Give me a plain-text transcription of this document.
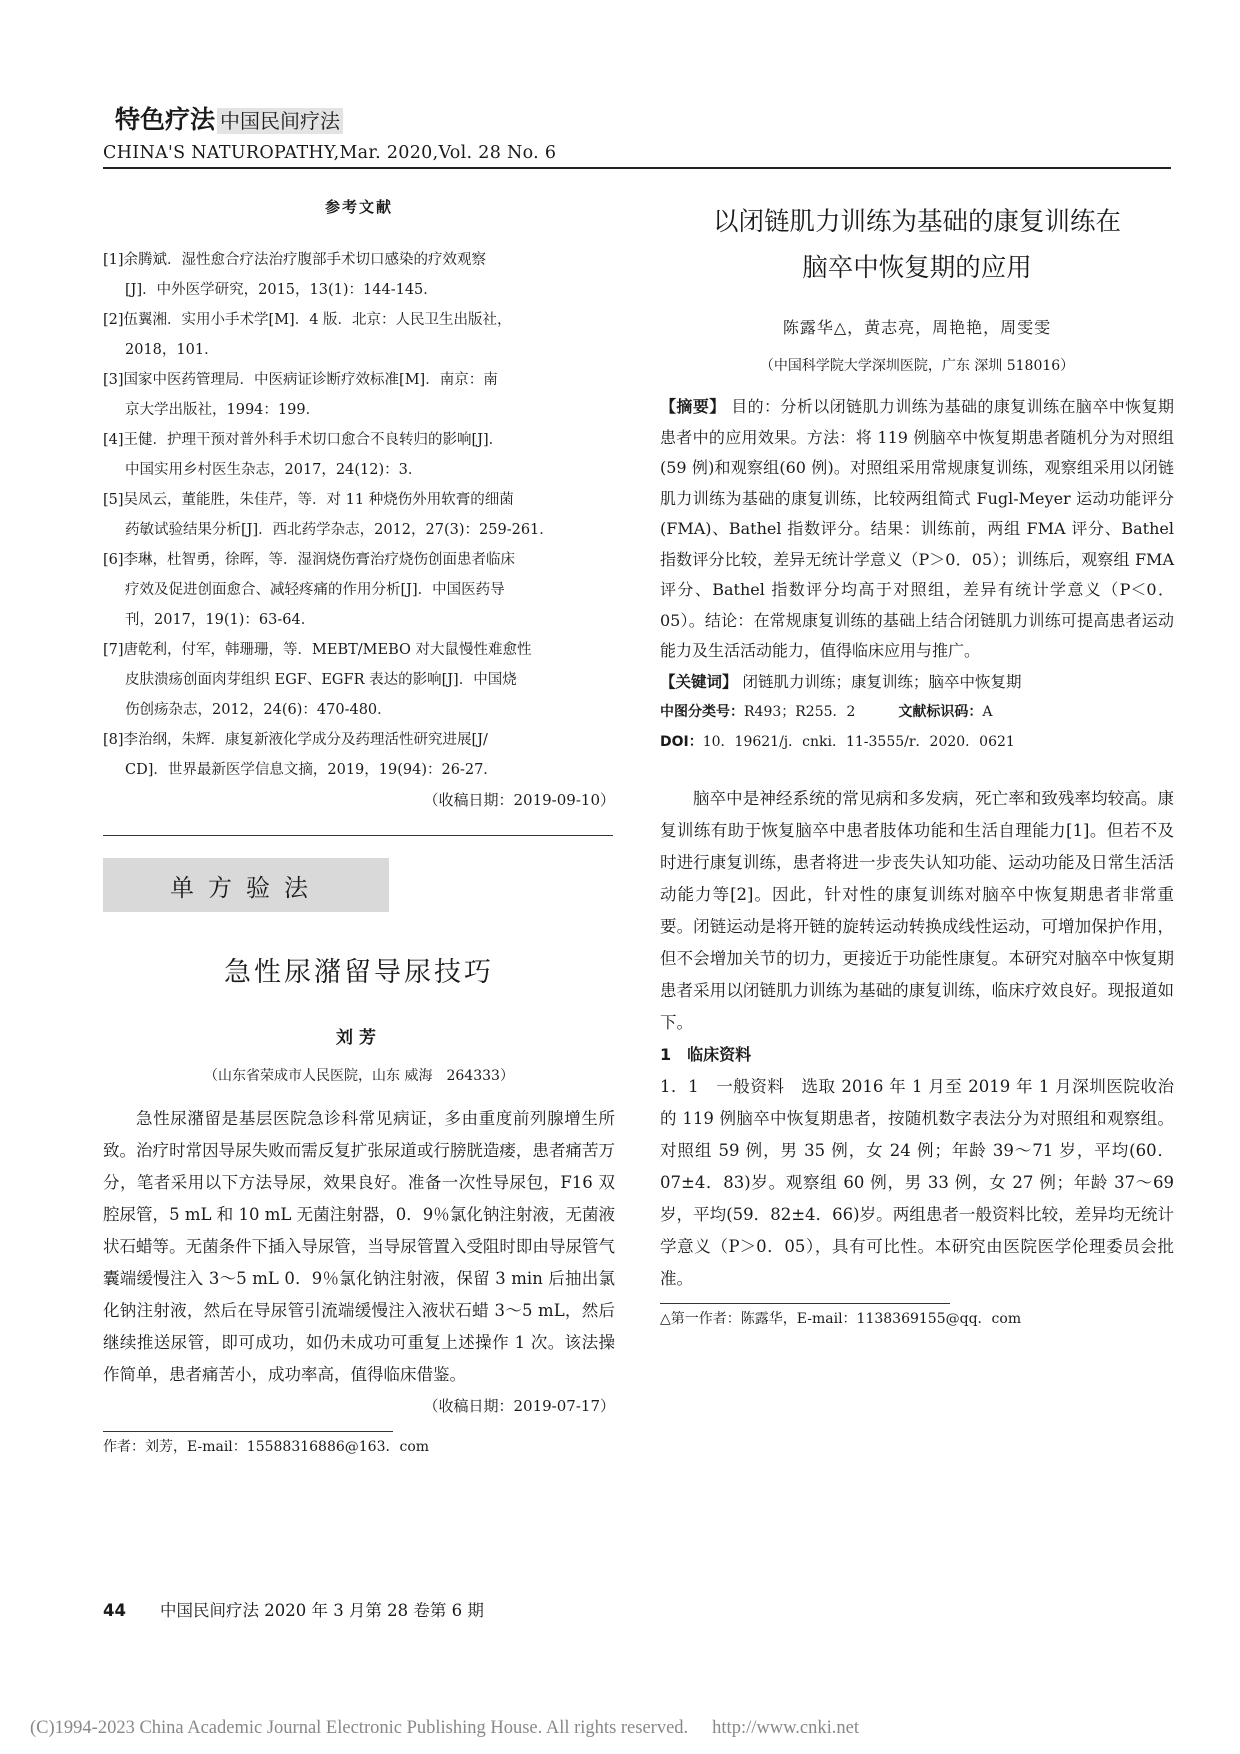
特色疗法 中国民间疗法
CHINA'S NATUROPATHY,Mar. 2020,Vol. 28 No. 6
参考文献

[1]余腾斌．湿性愈合疗法治疗腹部手术切口感染的疗效观察
[J]．中外医学研究，2015，13(1)：144-145．

[2]伍翼湘．实用小手术学[M]．4 版．北京：人民卫生出版社，
2018，101．

[3]国家中医药管理局．中医病证诊断疗效标准[M]．南京：南
京大学出版社，1994：199．

[4]王健．护理干预对普外科手术切口愈合不良转归的影响[J]．
中国实用乡村医生杂志，2017，24(12)：3．

[5]吴凤云，董能胜，朱佳芹，等．对 11 种烧伤外用软膏的细菌
药敏试验结果分析[J]．西北药学杂志，2012，27(3)：259-261．

[6]李琳，杜智勇，徐晖，等．湿润烧伤膏治疗烧伤创面患者临床
疗效及促进创面愈合、减轻疼痛的作用分析[J]．中国医药导
刊，2017，19(1)：63-64．

[7]唐乾利，付军，韩珊珊，等．MEBT/MEBO 对大鼠慢性难愈性
皮肤溃疡创面肉芽组织 EGF、EGFR 表达的影响[J]．中国烧
伤创疡杂志，2012，24(6)：470-480．

[8]李治纲，朱辉．康复新液化学成分及药理活性研究进展[J/
CD]．世界最新医学信息文摘，2019，19(94)：26-27．

（收稿日期：2019-09-10）

单方验法
急性尿潴留导尿技巧
刘芳
（山东省荣成市人民医院，山东 威海　264333）

急性尿潴留是基层医院急诊科常见病证，多由重度前列腺增生所致。治疗时常因导尿失败而需反复扩张尿道或行膀胱造瘘，患者痛苦万分，笔者采用以下方法导尿，效果良好。准备一次性导尿包，F16 双腔尿管，5 mL 和 10 mL 无菌注射器，0．9％氯化钠注射液，无菌液状石蜡等。无菌条件下插入导尿管，当导尿管置入受阻时即由导尿管气囊端缓慢注入 3～5 mL 0．9％氯化钠注射液，保留 3 min 后抽出氯化钠注射液，然后在导尿管引流端缓慢注入液状石蜡 3～5 mL，然后继续推送尿管，即可成功，如仍未成功可重复上述操作 1 次。该法操作简单，患者痛苦小，成功率高，值得临床借鉴。

（收稿日期：2019-07-17）

作者：刘芳，E-mail：15588316886@163．com

以闭链肌力训练为基础的康复训练在
脑卒中恢复期的应用
陈露华△，黄志亮，周艳艳，周雯雯
（中国科学院大学深圳医院，广东 深圳 518016）
【摘要】 目的：分析以闭链肌力训练为基础的康复训练在脑卒中恢复期患者中的应用效果。方法：将 119 例脑卒中恢复期患者随机分为对照组(59 例)和观察组(60 例)。对照组采用常规康复训练，观察组采用以闭链肌力训练为基础的康复训练，比较两组简式 Fugl-Meyer 运动功能评分(FMA)、Bathel 指数评分。结果：训练前，两组 FMA 评分、Bathel 指数评分比较，差异无统计学意义（P＞0．05）；训练后，观察组 FMA 评分、Bathel 指数评分均高于对照组，差异有统计学意义（P＜0．05）。结论：在常规康复训练的基础上结合闭链肌力训练可提高患者运动能力及生活活动能力，值得临床应用与推广。

【关键词】 闭链肌力训练；康复训练；脑卒中恢复期

中图分类号：R493；R255．2	文献标识码：A

DOI：10．19621/j．cnki．11-3555/r．2020．0621

脑卒中是神经系统的常见病和多发病，死亡率和致残率均较高。康复训练有助于恢复脑卒中患者肢体功能和生活自理能力[1]。但若不及时进行康复训练，患者将进一步丧失认知功能、运动功能及日常生活活动能力等[2]。因此，针对性的康复训练对脑卒中恢复期患者非常重要。闭链运动是将开链的旋转运动转换成线性运动，可增加保护作用，但不会增加关节的切力，更接近于功能性康复。本研究对脑卒中恢复期患者采用以闭链肌力训练为基础的康复训练，临床疗效良好。现报道如下。

1　临床资料

1．1　一般资料　选取 2016 年 1 月至 2019 年 1 月深圳医院收治的 119 例脑卒中恢复期患者，按随机数字表法分为对照组和观察组。对照组 59 例，男 35 例，女 24 例；年龄 39～71 岁，平均(60．07±4．83)岁。观察组 60 例，男 33 例，女 27 例；年龄 37～69 岁，平均(59．82±4．66)岁。两组患者一般资料比较，差异均无统计学意义（P＞0．05），具有可比性。本研究由医院医学伦理委员会批准。

△第一作者：陈露华，E-mail：1138369155@qq．com

44 中国民间疗法 2020 年 3 月第 28 卷第 6 期
(C)1994-2023 China Academic Journal Electronic Publishing House. All rights reserved. http://www.cnki.net
